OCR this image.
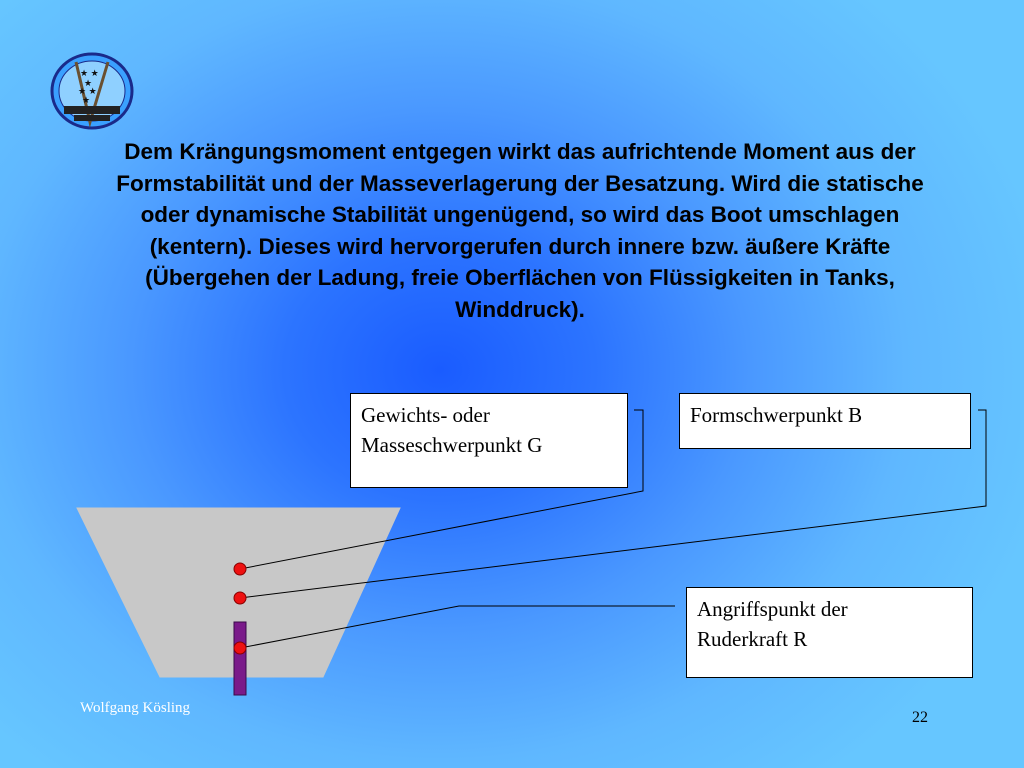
★ ★
★
★ ★
★

Dem Krängungsmoment entgegen wirkt das aufrichtende Moment aus der Formstabilität und der Masseverlagerung der Besatzung. Wird die statische oder dynamische Stabilität ungenügend, so wird das Boot umschlagen (kentern). Dieses wird hervorgerufen durch innere bzw. äußere Kräfte (Übergehen der Ladung, freie Oberflächen von Flüssigkeiten in Tanks, Winddruck).

Gewichts- oder
Masseschwerpunkt G
Formschwerpunkt B
Angriffspunkt der
Ruderkraft R
Wolfgang Kösling
22
